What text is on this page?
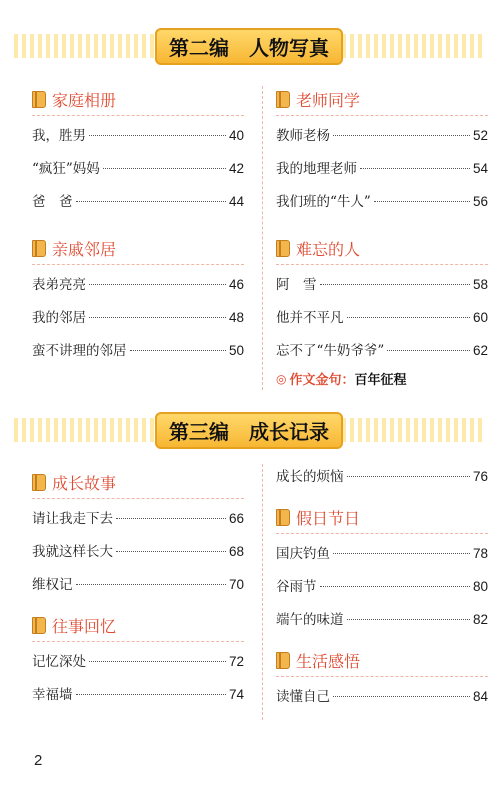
第二编　人物写真
家庭相册
我，胜男	40
“疯狂”妈妈	42
爸　爸	44
亲戚邻居
表弟亮亮	46
我的邻居	48
蛮不讲理的邻居	50
老师同学
教师老杨	52
我的地理老师	54
我们班的“牛人”	56
难忘的人
阿　雪	58
他并不平凡	60
忘不了“牛奶爷爷”	62
◎ 作文金句： 百年征程
第三编　成长记录
成长故事
请让我走下去	66
我就这样长大	68
维权记	70
往事回忆
记忆深处	72
幸福墙	74
成长的烦恼	76
假日节日
国庆钓鱼	78
谷雨节	80
端午的味道	82
生活感悟
读懂自己	84
2
